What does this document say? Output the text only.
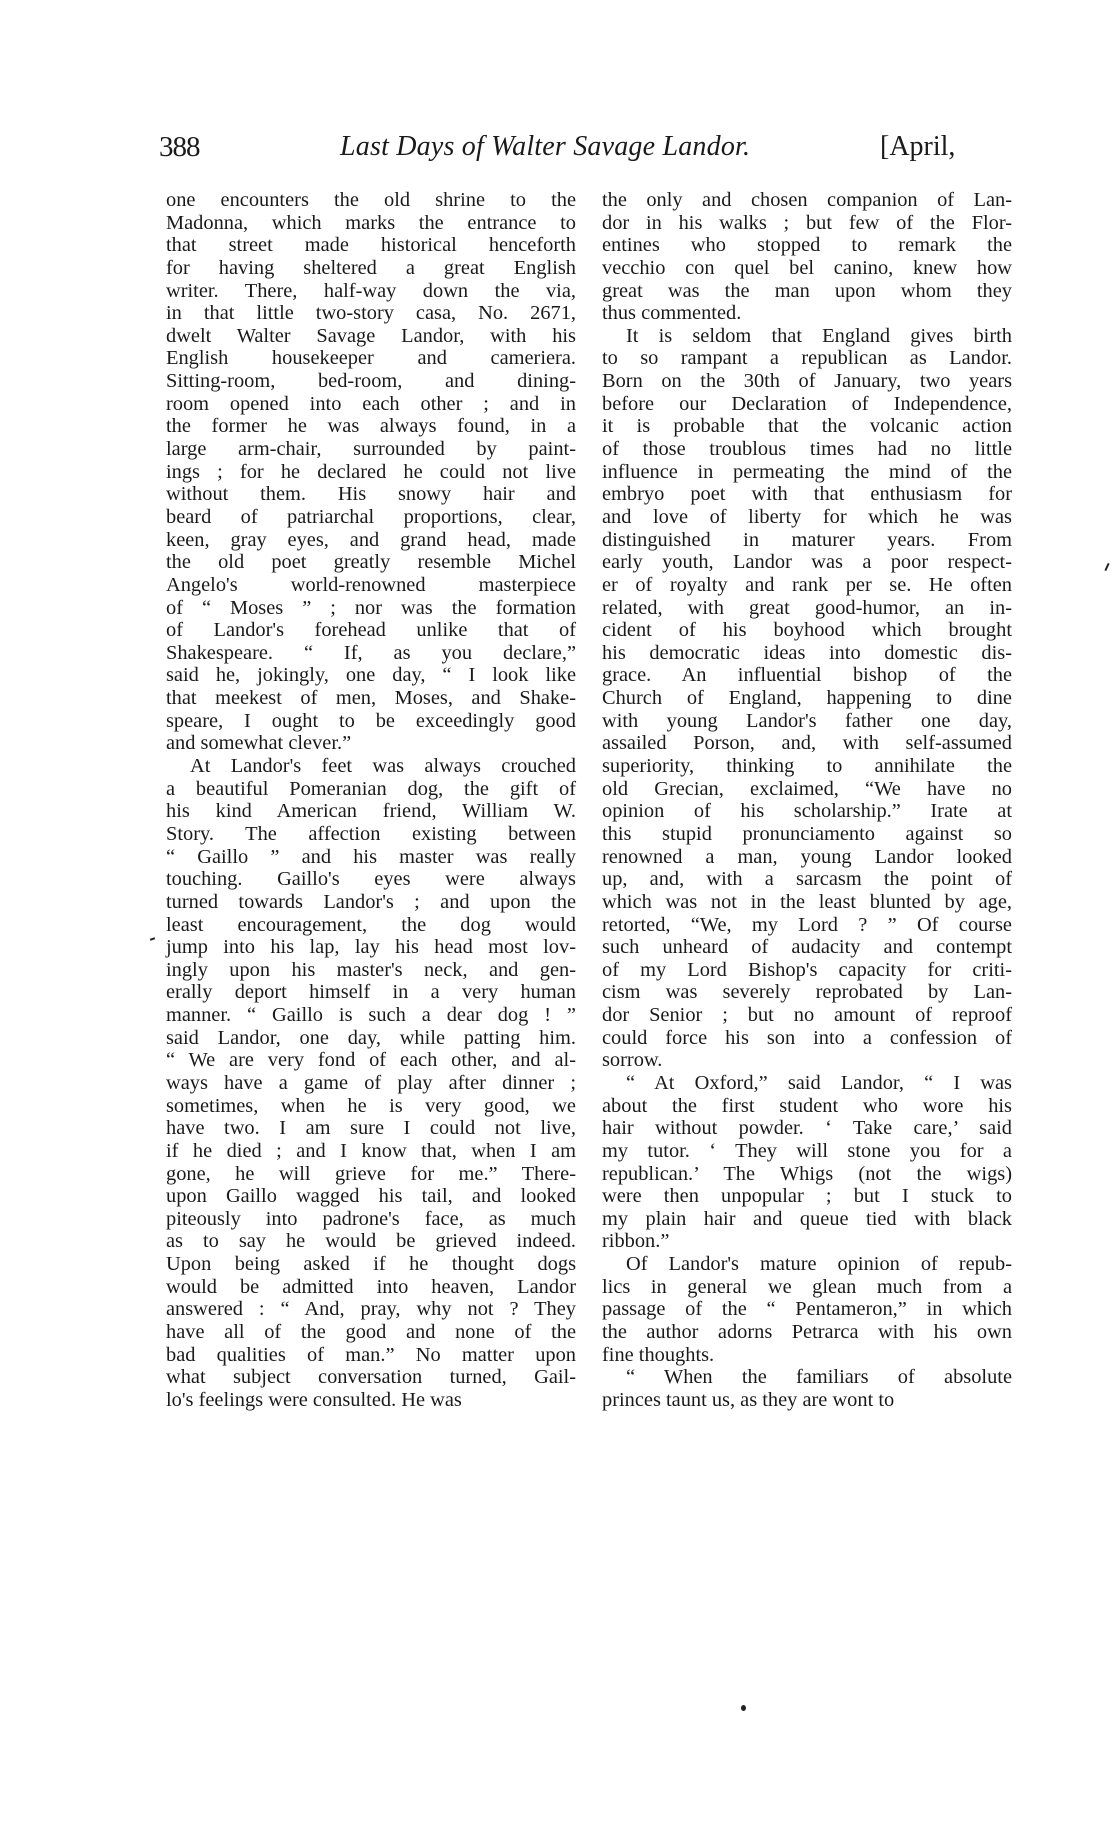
388	Last Days of Walter Savage Landor.	[April,
one encounters the old shrine to the
Madonna, which marks the entrance to
that street made historical henceforth
for having sheltered a great English
writer. There, half-way down the via,
in that little two-story casa, No. 2671,
dwelt Walter Savage Landor, with his
English housekeeper and cameriera.
Sitting-room, bed-room, and dining-
room opened into each other ; and in
the former he was always found, in a
large arm-chair, surrounded by paint-
ings ; for he declared he could not live
without them. His snowy hair and
beard of patriarchal proportions, clear,
keen, gray eyes, and grand head, made
the old poet greatly resemble Michel
Angelo's world-renowned masterpiece
of “ Moses ” ; nor was the formation
of Landor's forehead unlike that of
Shakespeare. “ If, as you declare,”
said he, jokingly, one day, “ I look like
that meekest of men, Moses, and Shake-
speare, I ought to be exceedingly good
and somewhat clever.”
At Landor's feet was always crouched
a beautiful Pomeranian dog, the gift of
his kind American friend, William W.
Story. The affection existing between
“ Gaillo ” and his master was really
touching. Gaillo's eyes were always
turned towards Landor's ; and upon the
least encouragement, the dog would
jump into his lap, lay his head most lov-
ingly upon his master's neck, and gen-
erally deport himself in a very human
manner. “ Gaillo is such a dear dog ! ”
said Landor, one day, while patting him.
“ We are very fond of each other, and al-
ways have a game of play after dinner ;
sometimes, when he is very good, we
have two. I am sure I could not live,
if he died ; and I know that, when I am
gone, he will grieve for me.” There-
upon Gaillo wagged his tail, and looked
piteously into padrone's face, as much
as to say he would be grieved indeed.
Upon being asked if he thought dogs
would be admitted into heaven, Landor
answered : “ And, pray, why not ? They
have all of the good and none of the
bad qualities of man.” No matter upon
what subject conversation turned, Gail-
lo's feelings were consulted. He was
the only and chosen companion of Lan-
dor in his walks ; but few of the Flor-
entines who stopped to remark the
vecchio con quel bel canino, knew how
great was the man upon whom they
thus commented.
It is seldom that England gives birth
to so rampant a republican as Landor.
Born on the 30th of January, two years
before our Declaration of Independence,
it is probable that the volcanic action
of those troublous times had no little
influence in permeating the mind of the
embryo poet with that enthusiasm for
and love of liberty for which he was
distinguished in maturer years. From
early youth, Landor was a poor respect-
er of royalty and rank per se. He often
related, with great good-humor, an in-
cident of his boyhood which brought
his democratic ideas into domestic dis-
grace. An influential bishop of the
Church of England, happening to dine
with young Landor's father one day,
assailed Porson, and, with self-assumed
superiority, thinking to annihilate the
old Grecian, exclaimed, “We have no
opinion of his scholarship.” Irate at
this stupid pronunciamento against so
renowned a man, young Landor looked
up, and, with a sarcasm the point of
which was not in the least blunted by age,
retorted, “We, my Lord ? ” Of course
such unheard of audacity and contempt
of my Lord Bishop's capacity for criti-
cism was severely reprobated by Lan-
dor Senior ; but no amount of reproof
could force his son into a confession of
sorrow.
“ At Oxford,” said Landor, “ I was
about the first student who wore his
hair without powder. ‘ Take care,’ said
my tutor. ‘ They will stone you for a
republican.’ The Whigs (not the wigs)
were then unpopular ; but I stuck to
my plain hair and queue tied with black
ribbon.”
Of Landor's mature opinion of repub-
lics in general we glean much from a
passage of the “ Pentameron,” in which
the author adorns Petrarca with his own
fine thoughts.
“ When the familiars of absolute
princes taunt us, as they are wont to
